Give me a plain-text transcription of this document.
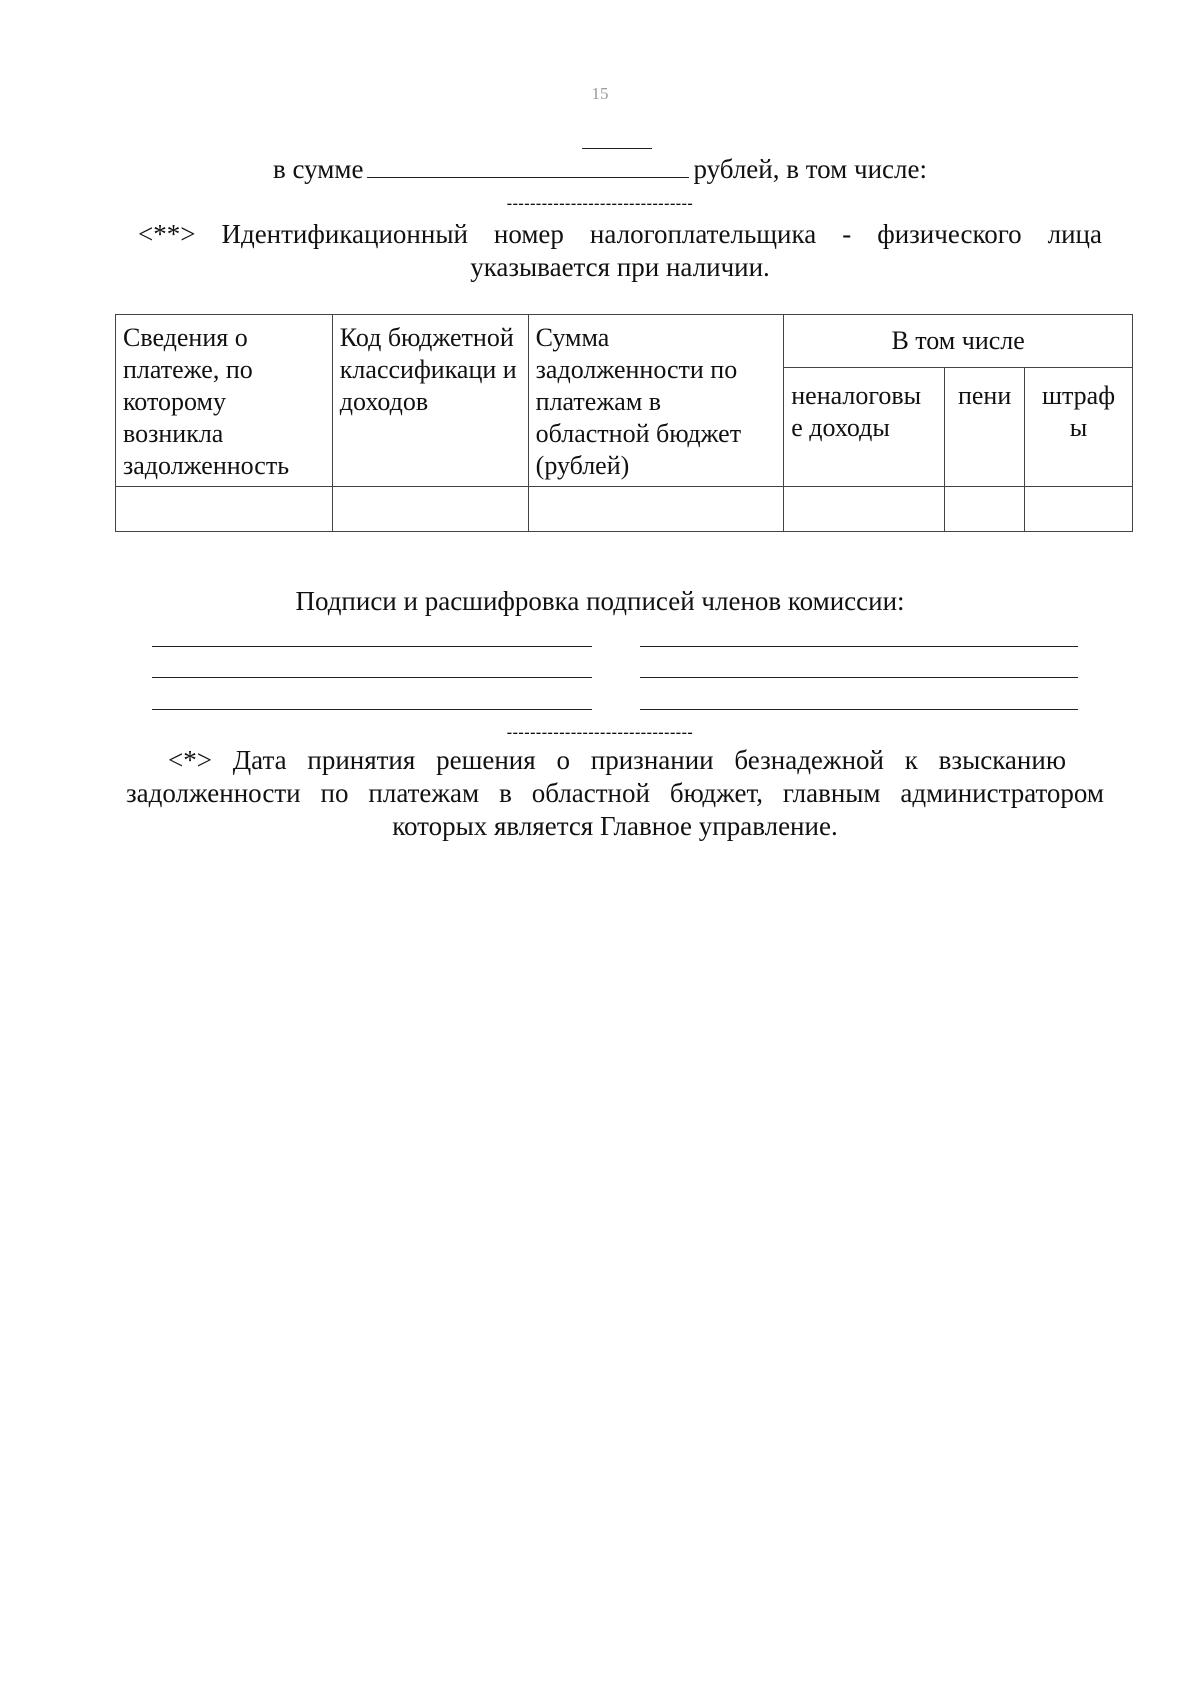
15
в сумме	рублей, в том числе:
--------------------------------
<**> Идентификационный номер налогоплательщика - физического лица
указывается при наличии.
Сведения о платеже, по которому возникла задолженность	Код бюджетной классификаци и доходов	Сумма задолженности по платежам в областной бюджет (рублей)	В том числе		
			неналоговы е доходы	пени	штраф ы

Подписи и расшифровка подписей членов комиссии:
--------------------------------
<*> Дата принятия решения о признании безнадежной к взысканию
задолженности по платежам в областной бюджет, главным администратором
которых является Главное управление.
